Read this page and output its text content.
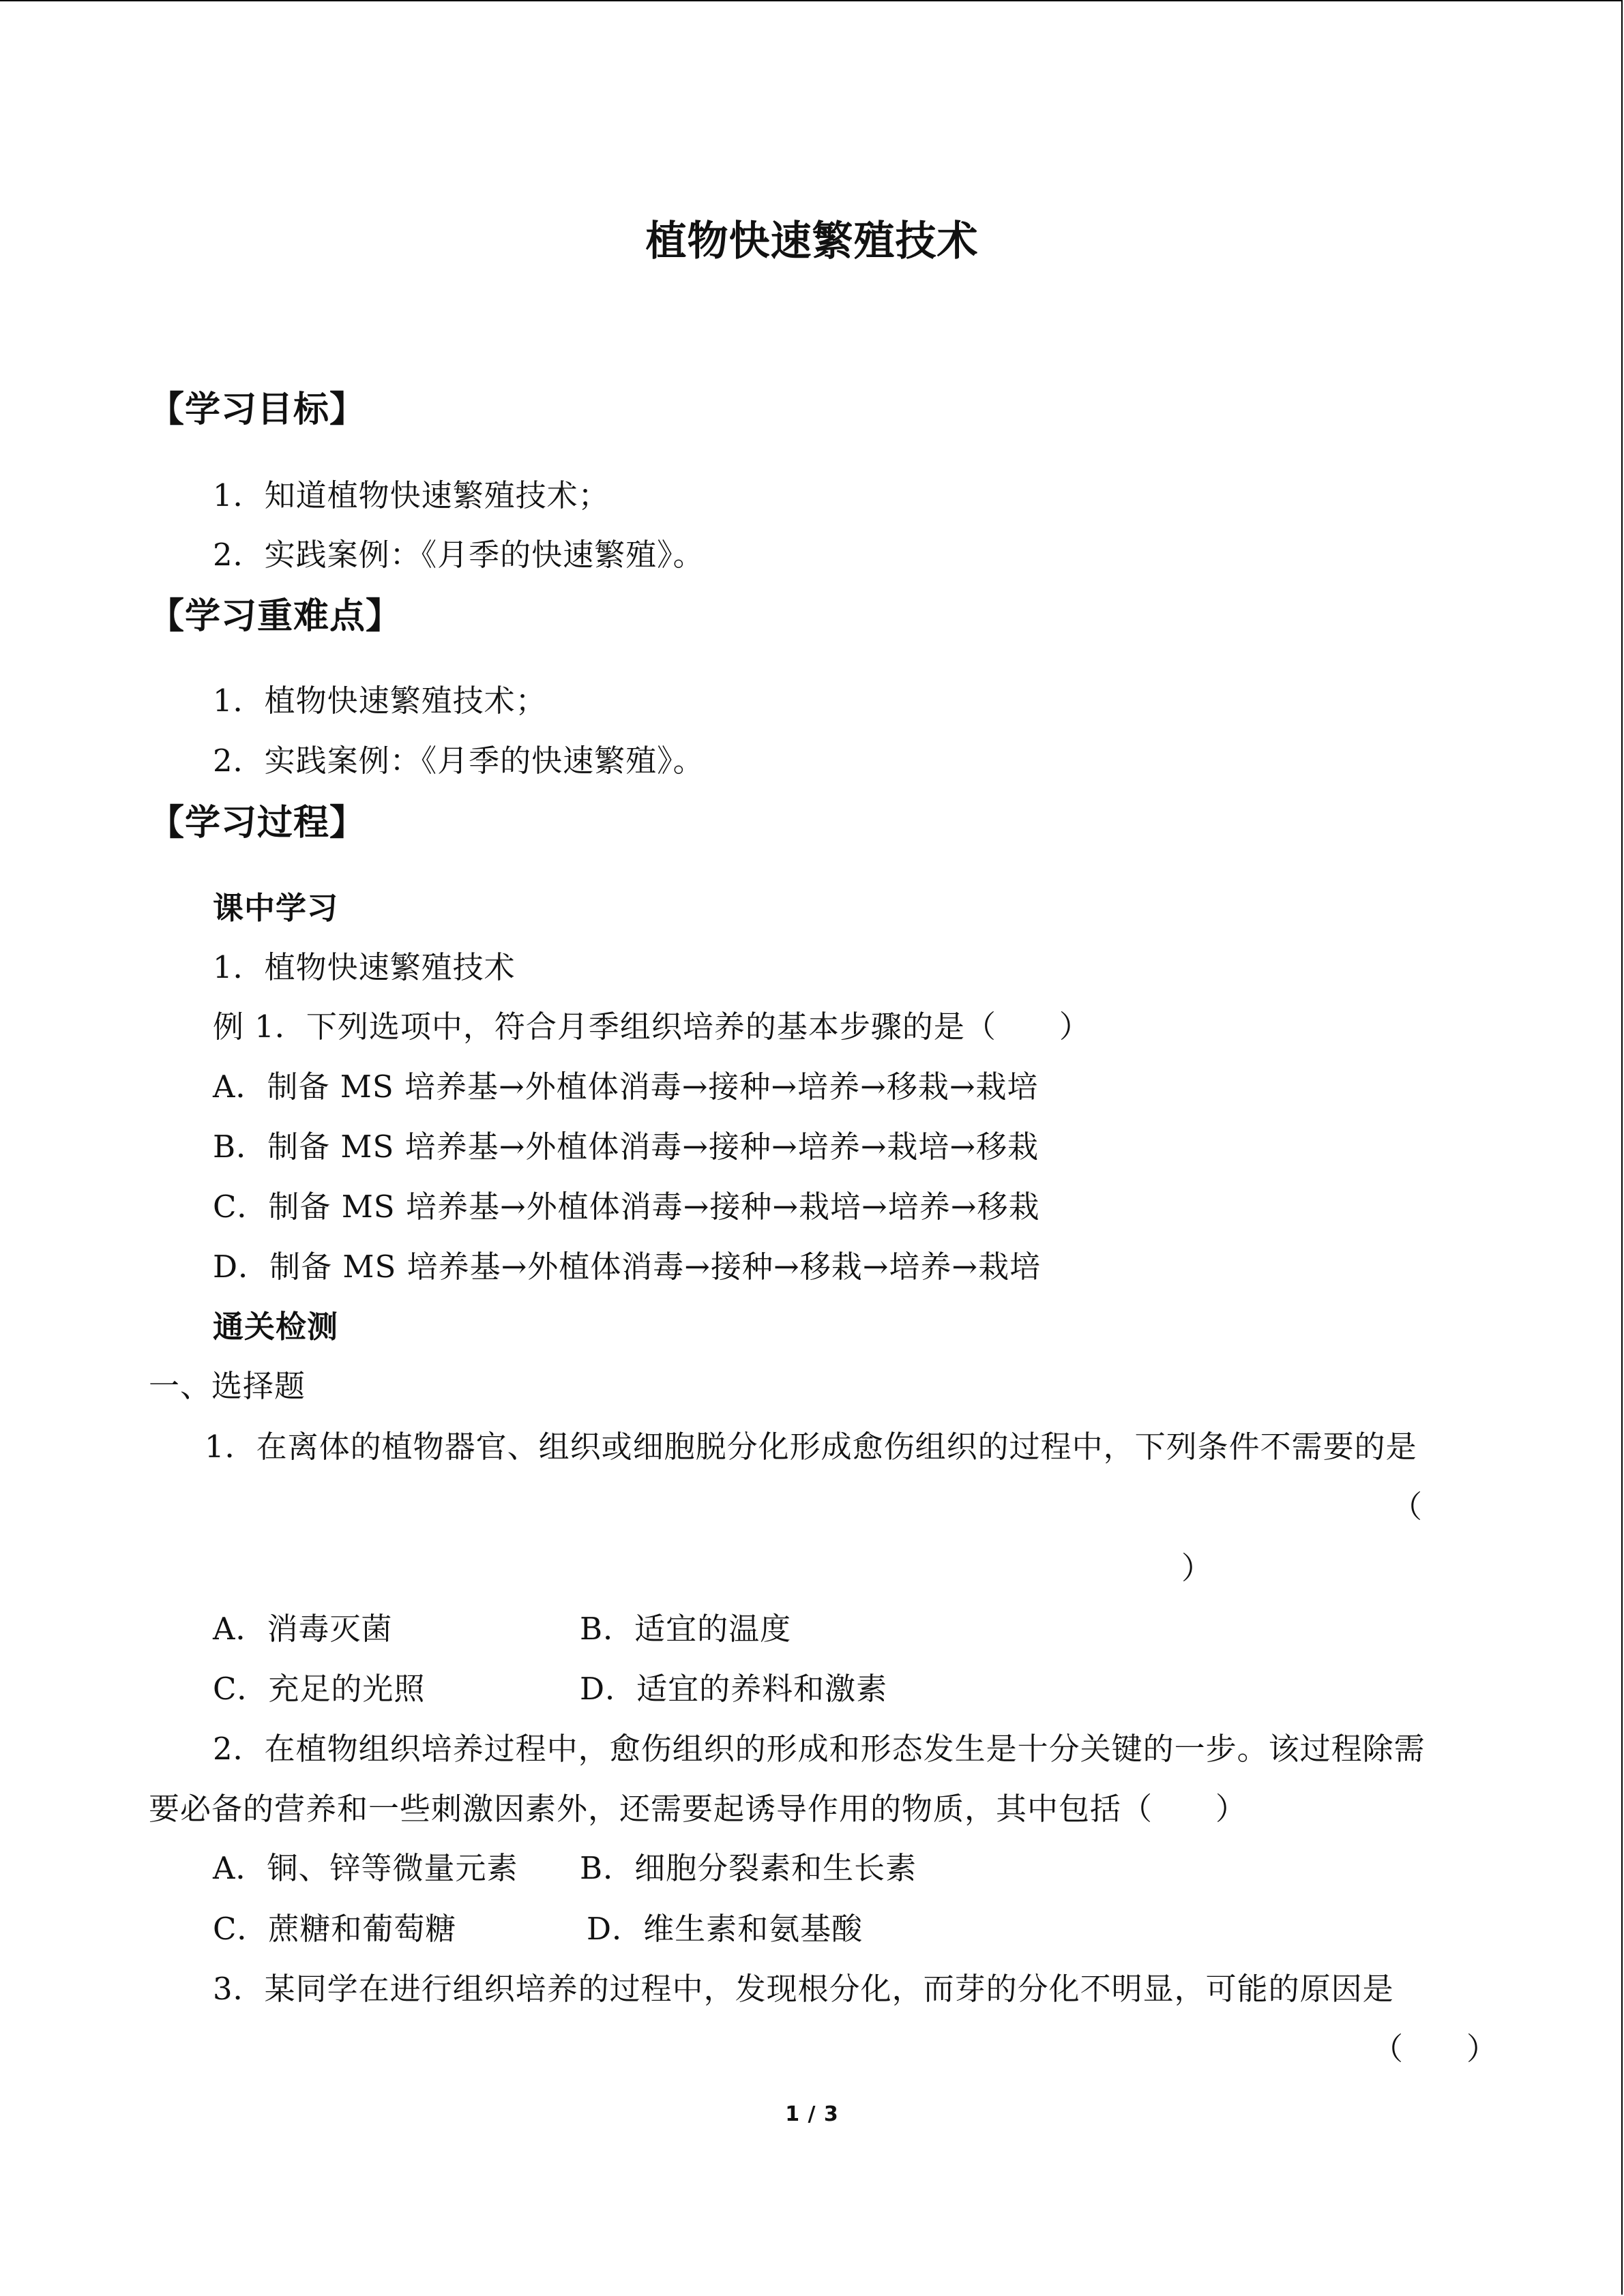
植物快速繁殖技术
【学习目标】
1．知道植物快速繁殖技术；
2．实践案例：《月季的快速繁殖》。
【学习重难点】
1．植物快速繁殖技术；
2．实践案例：《月季的快速繁殖》。
【学习过程】
课中学习
1．植物快速繁殖技术
例 1．下列选项中，符合月季组织培养的基本步骤的是（　　）
A．制备 MS 培养基→外植体消毒→接种→培养→移栽→栽培
B．制备 MS 培养基→外植体消毒→接种→培养→栽培→移栽
C．制备 MS 培养基→外植体消毒→接种→栽培→培养→移栽
D．制备 MS 培养基→外植体消毒→接种→移栽→培养→栽培
通关检测
一、选择题
1．在离体的植物器官、组织或细胞脱分化形成愈伤组织的过程中，下列条件不需要的是
（
）
A．消毒灭菌	B．适宜的温度
C．充足的光照	D．适宜的养料和激素
2．在植物组织培养过程中，愈伤组织的形成和形态发生是十分关键的一步。该过程除需
要必备的营养和一些刺激因素外，还需要起诱导作用的物质，其中包括（　　）
A．铜、锌等微量元素 B．细胞分裂素和生长素
C．蔗糖和葡萄糖	D．维生素和氨基酸
3．某同学在进行组织培养的过程中，发现根分化，而芽的分化不明显，可能的原因是
（　　）
1 / 3
